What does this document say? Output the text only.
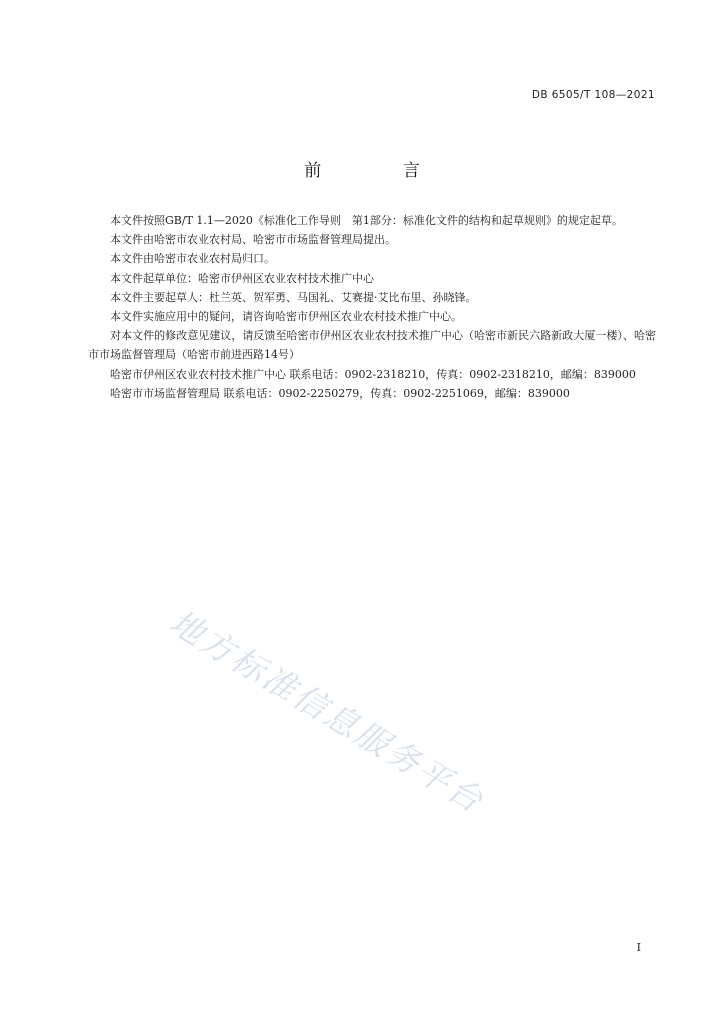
DB 6505/T 108—2021
前 言

本文件按照GB/T 1.1—2020《标准化工作导则　第1部分：标准化文件的结构和起草规则》的规定起草。

本文件由哈密市农业农村局、哈密市市场监督管理局提出。

本文件由哈密市农业农村局归口。

本文件起草单位：哈密市伊州区农业农村技术推广中心

本文件主要起草人：杜兰英、贺军勇、马国礼、艾赛提·艾比布里、孙晓锋。

本文件实施应用中的疑问，请咨询哈密市伊州区农业农村技术推广中心。

对本文件的修改意见建议，请反馈至哈密市伊州区农业农村技术推广中心（哈密市新民六路新政大厦一楼）、哈密市市场监督管理局（哈密市前进西路14号）

哈密市伊州区农业农村技术推广中心 联系电话：0902-2318210，传真：0902-2318210，邮编：839000

哈密市市场监督管理局 联系电话：0902-2250279，传真：0902-2251069，邮编：839000

地方标准信息服务平台
I
